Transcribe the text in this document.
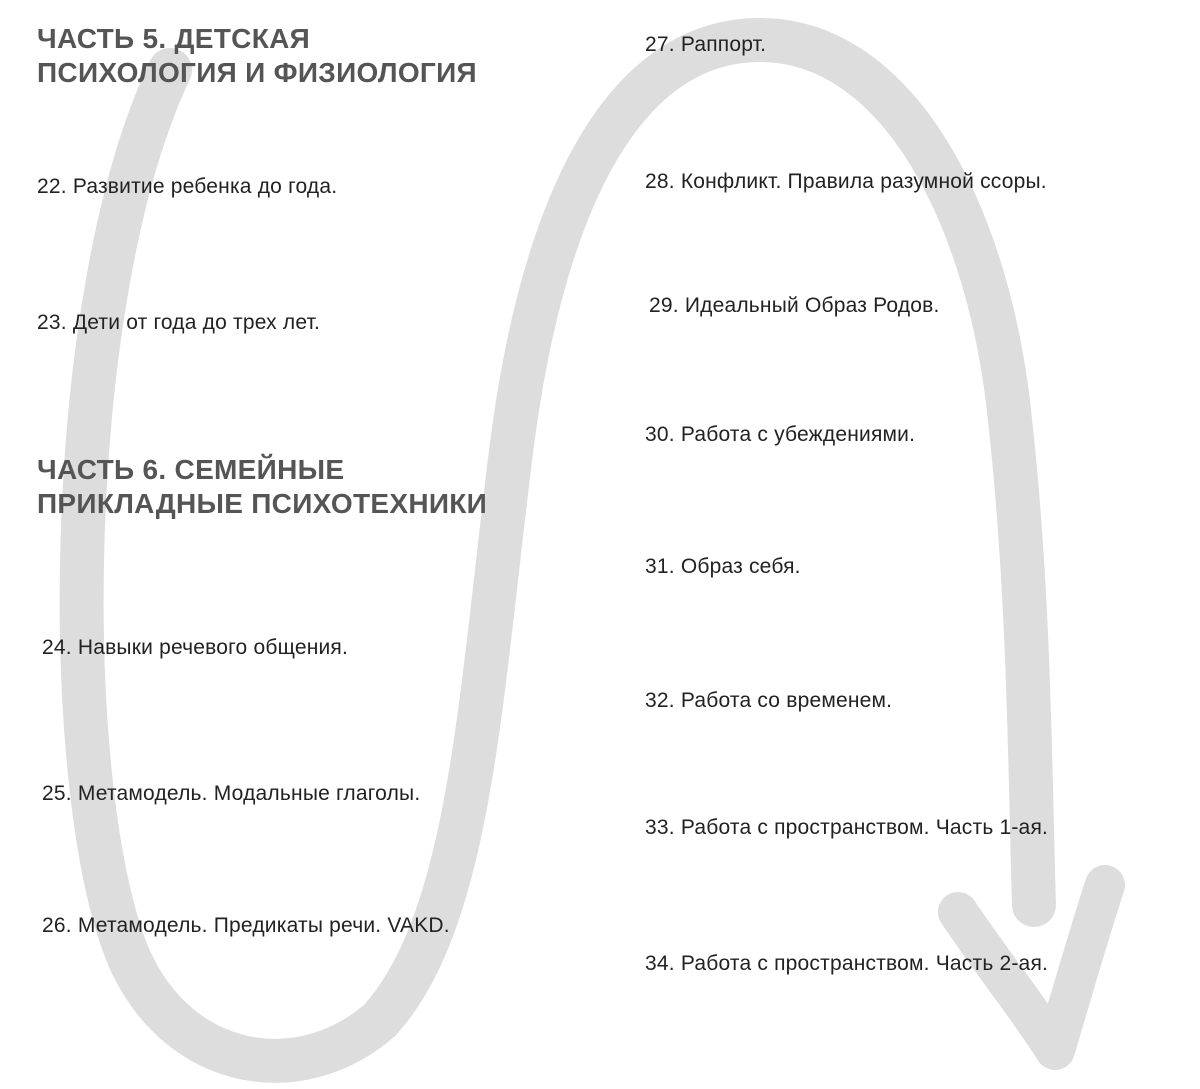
ЧАСТЬ 5. ДЕТСКАЯ
ПСИХОЛОГИЯ И ФИЗИОЛОГИЯ
22. Развитие ребенка до года.
23. Дети от года до трех лет.
ЧАСТЬ 6. СЕМЕЙНЫЕ
ПРИКЛАДНЫЕ ПСИХОТЕХНИКИ
24. Навыки речевого общения.
25. Метамодель. Модальные глаголы.
26. Метамодель. Предикаты речи. VAKD.
27. Раппорт.
28. Конфликт. Правила разумной ссоры.
29. Идеальный Образ Родов.
30. Работа с убеждениями.
31. Образ себя.
32. Работа со временем.
33. Работа с пространством. Часть 1-ая.
34. Работа с пространством. Часть 2-ая.
